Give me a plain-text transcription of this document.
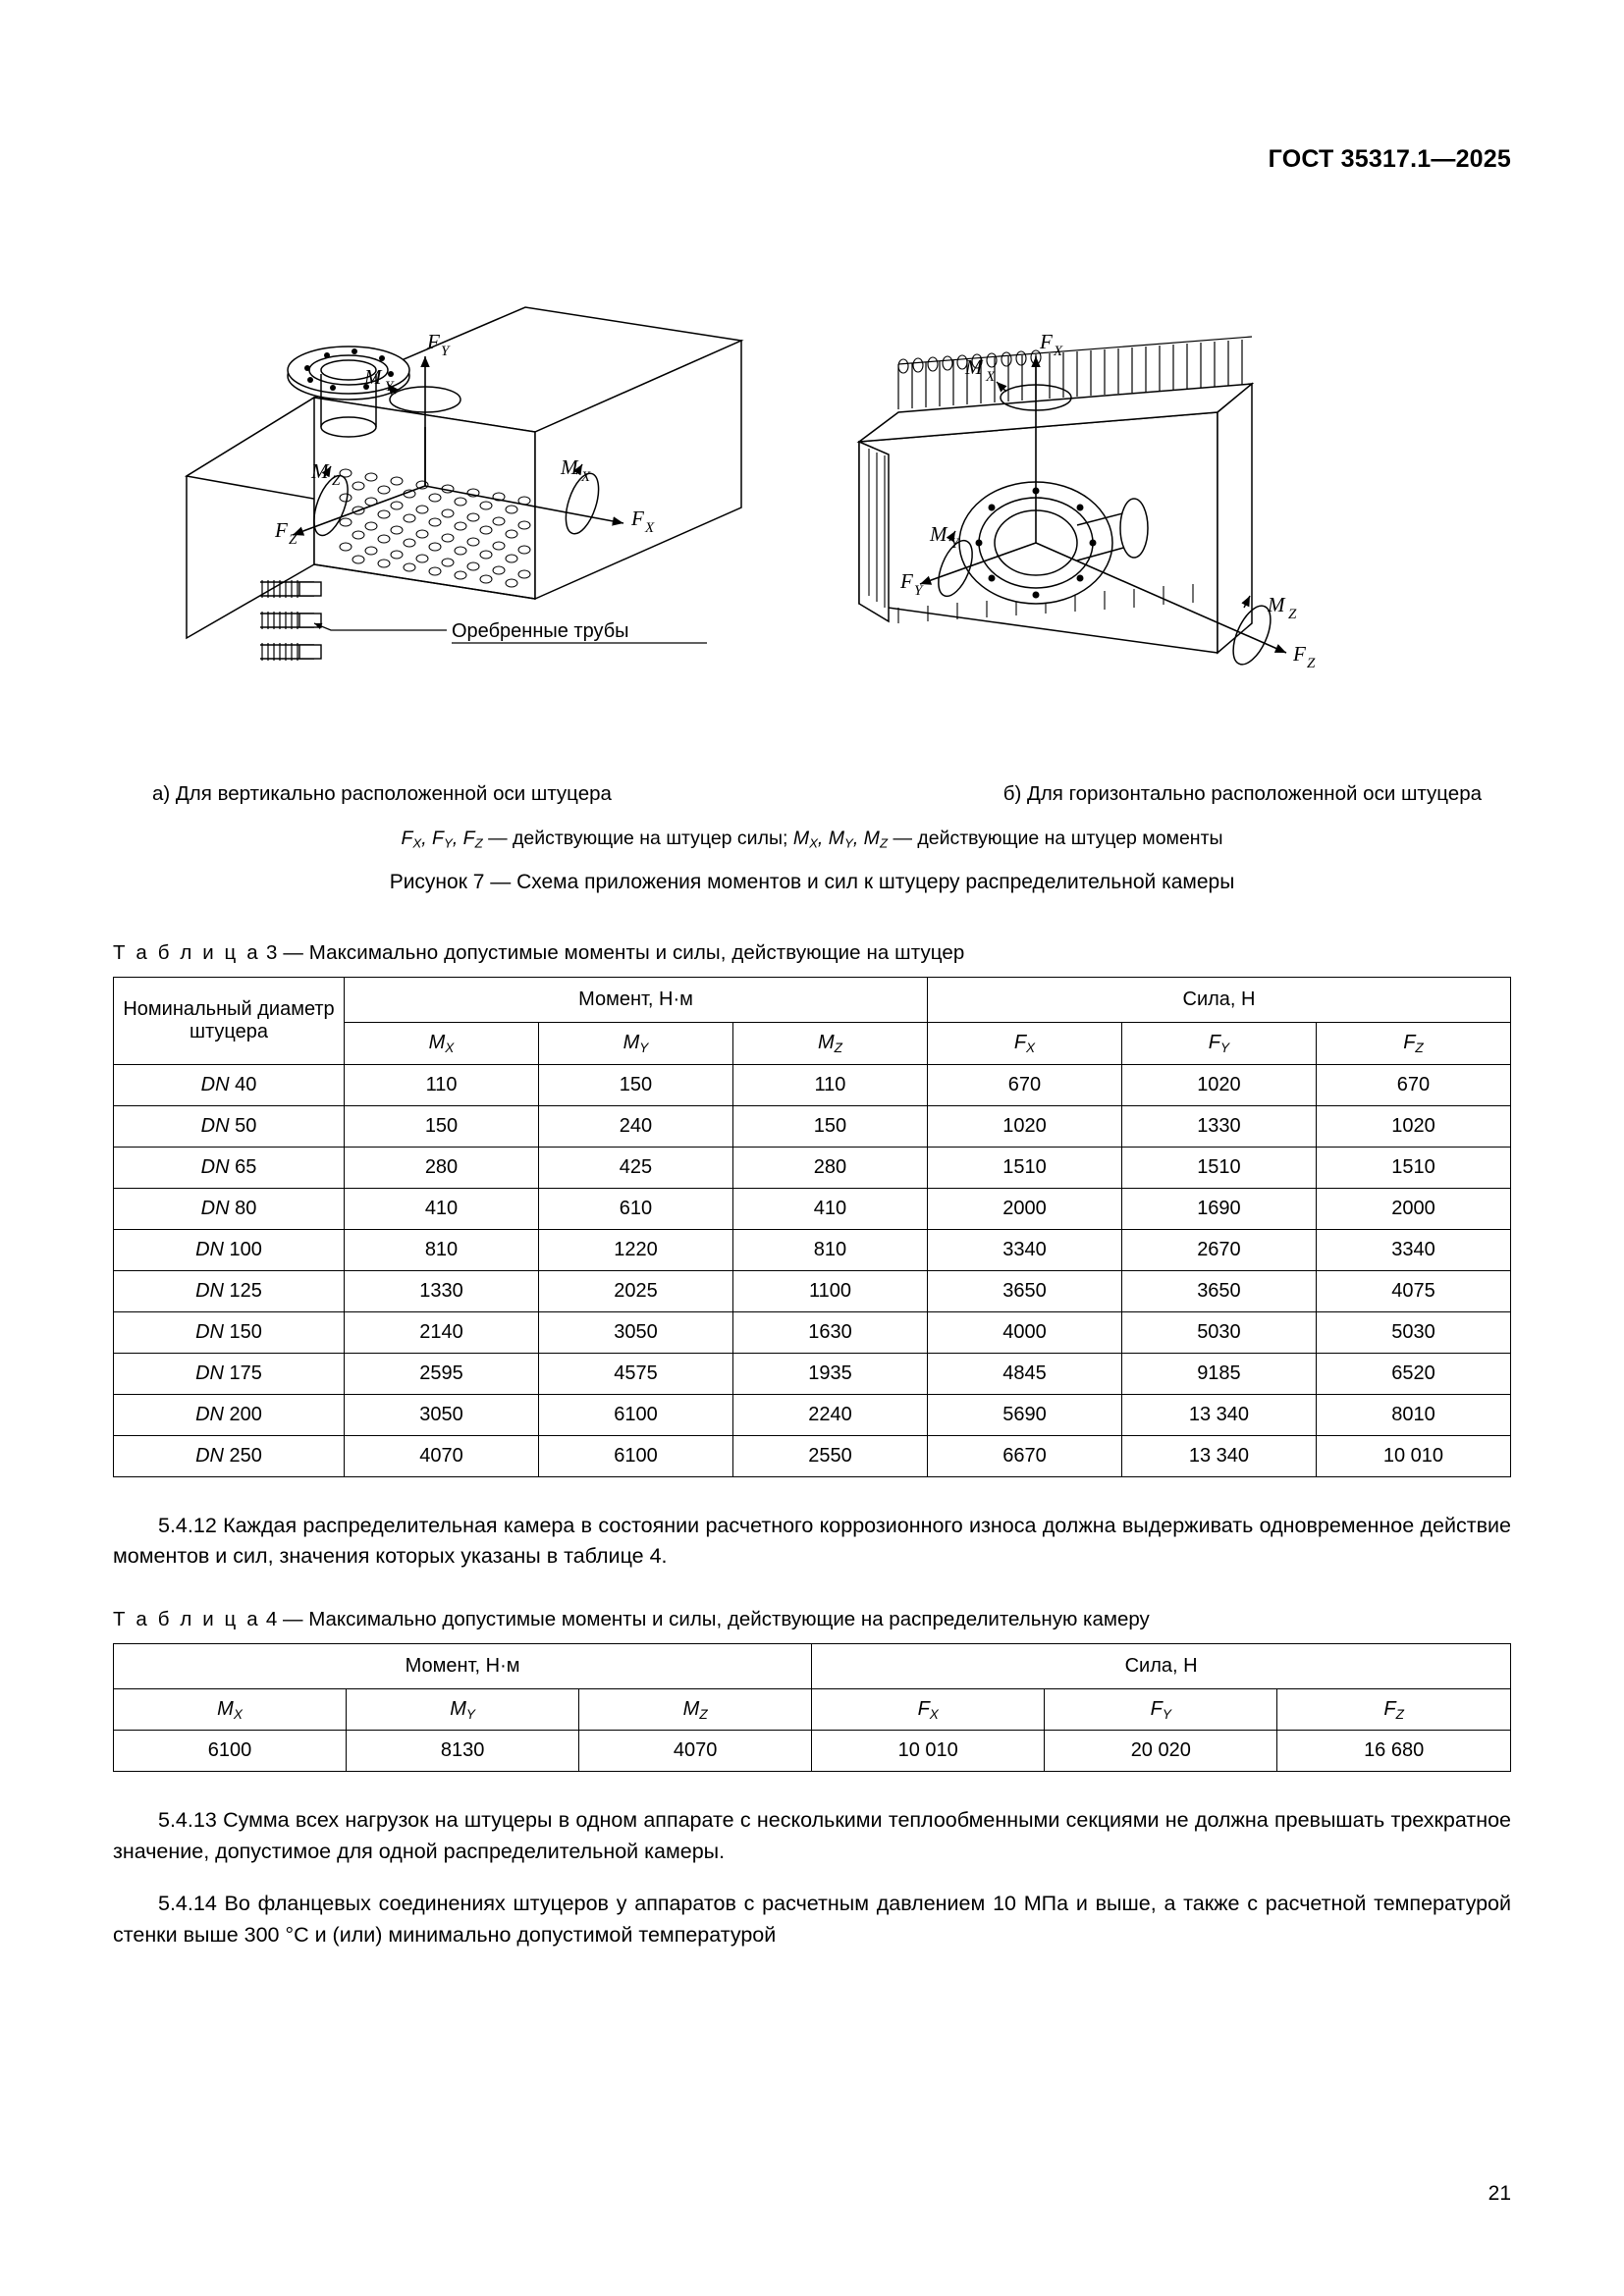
ГОСТ 35317.1—2025
Оребренные трубы
F Y
M Y
F Z
M Z
F X
M X
F X
M X
F Y
M Y
F Z
M Z
а) Для вертикально расположенной оси штуцера	б) Для горизонтально расположенной оси штуцера
$F_X$, $F_Y$, $F_Z$ — действующие на штуцер силы; $M_X$, $M_Y$, $M_Z$ — действующие на штуцер моменты
Рисунок 7 — Схема приложения моментов и сил к штуцеру распределительной камеры
Т а б л и ц а 3 — Максимально допустимые моменты и силы, действующие на штуцер
Номинальный диаметр штуцера	Момент, Н·м			Сила, Н		
	$M_X$	$M_Y$	$M_Z$	$F_X$	$F_Y$	$F_Z$
DN 40	110	150	110	670	1020	670
DN 50	150	240	150	1020	1330	1020
DN 65	280	425	280	1510	1510	1510
DN 80	410	610	410	2000	1690	2000
DN 100	810	1220	810	3340	2670	3340
DN 125	1330	2025	1100	3650	3650	4075
DN 150	2140	3050	1630	4000	5030	5030
DN 175	2595	4575	1935	4845	9185	6520
DN 200	3050	6100	2240	5690	13 340	8010
DN 250	4070	6100	2550	6670	13 340	10 010

5.4.12 Каждая распределительная камера в состоянии расчетного коррозионного износа должна выдерживать одновременное действие моментов и сил, значения которых указаны в таблице 4.

Т а б л и ц а 4 — Максимально допустимые моменты и силы, действующие на распределительную камеру
Момент, Н·м			Сила, Н		
$M_X$	$M_Y$	$M_Z$	$F_X$	$F_Y$	$F_Z$
6100	8130	4070	10 010	20 020	16 680

5.4.13 Сумма всех нагрузок на штуцеры в одном аппарате с несколькими теплообменными секциями не должна превышать трехкратное значение, допустимое для одной распределительной камеры.

5.4.14 Во фланцевых соединениях штуцеров у аппаратов с расчетным давлением 10 МПа и выше, а также с расчетной температурой стенки выше 300 °С и (или) минимально допустимой температурой

21
